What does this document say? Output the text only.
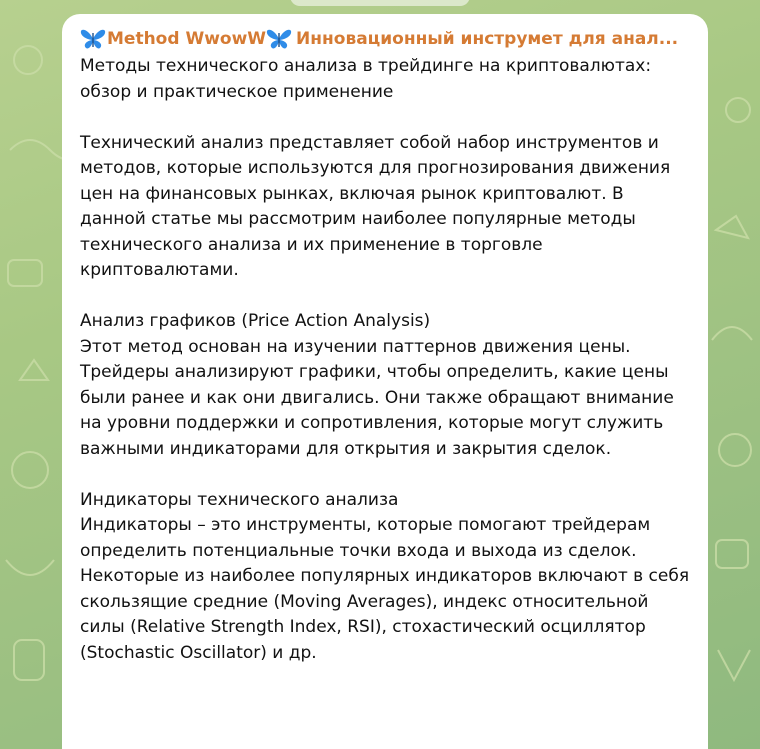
Method WwowW Инновационный инструмет для анал...

Методы технического анализа в трейдинге на криптовалютах: обзор и практическое применение

Технический анализ представляет собой набор инструментов и методов, которые используются для прогнозирования движения цен на финансовых рынках, включая рынок криптовалют. В данной статье мы рассмотрим наиболее популярные методы технического анализа и их применение в торговле криптовалютами.

Анализ графиков (Price Action Analysis)
Этот метод основан на изучении паттернов движения цены. Трейдеры анализируют графики, чтобы определить, какие цены были ранее и как они двигались. Они также обращают внимание на уровни поддержки и сопротивления, которые могут служить важными индикаторами для открытия и закрытия сделок.
Индикаторы технического анализа
Индикаторы – это инструменты, которые помогают трейдерам определить потенциальные точки входа и выхода из сделок. Некоторые из наиболее популярных индикаторов включают в себя скользящие средние (Moving Averages), индекс относительной силы (Relative Strength Index, RSI), стохастический осциллятор (Stochastic Oscillator) и др.
